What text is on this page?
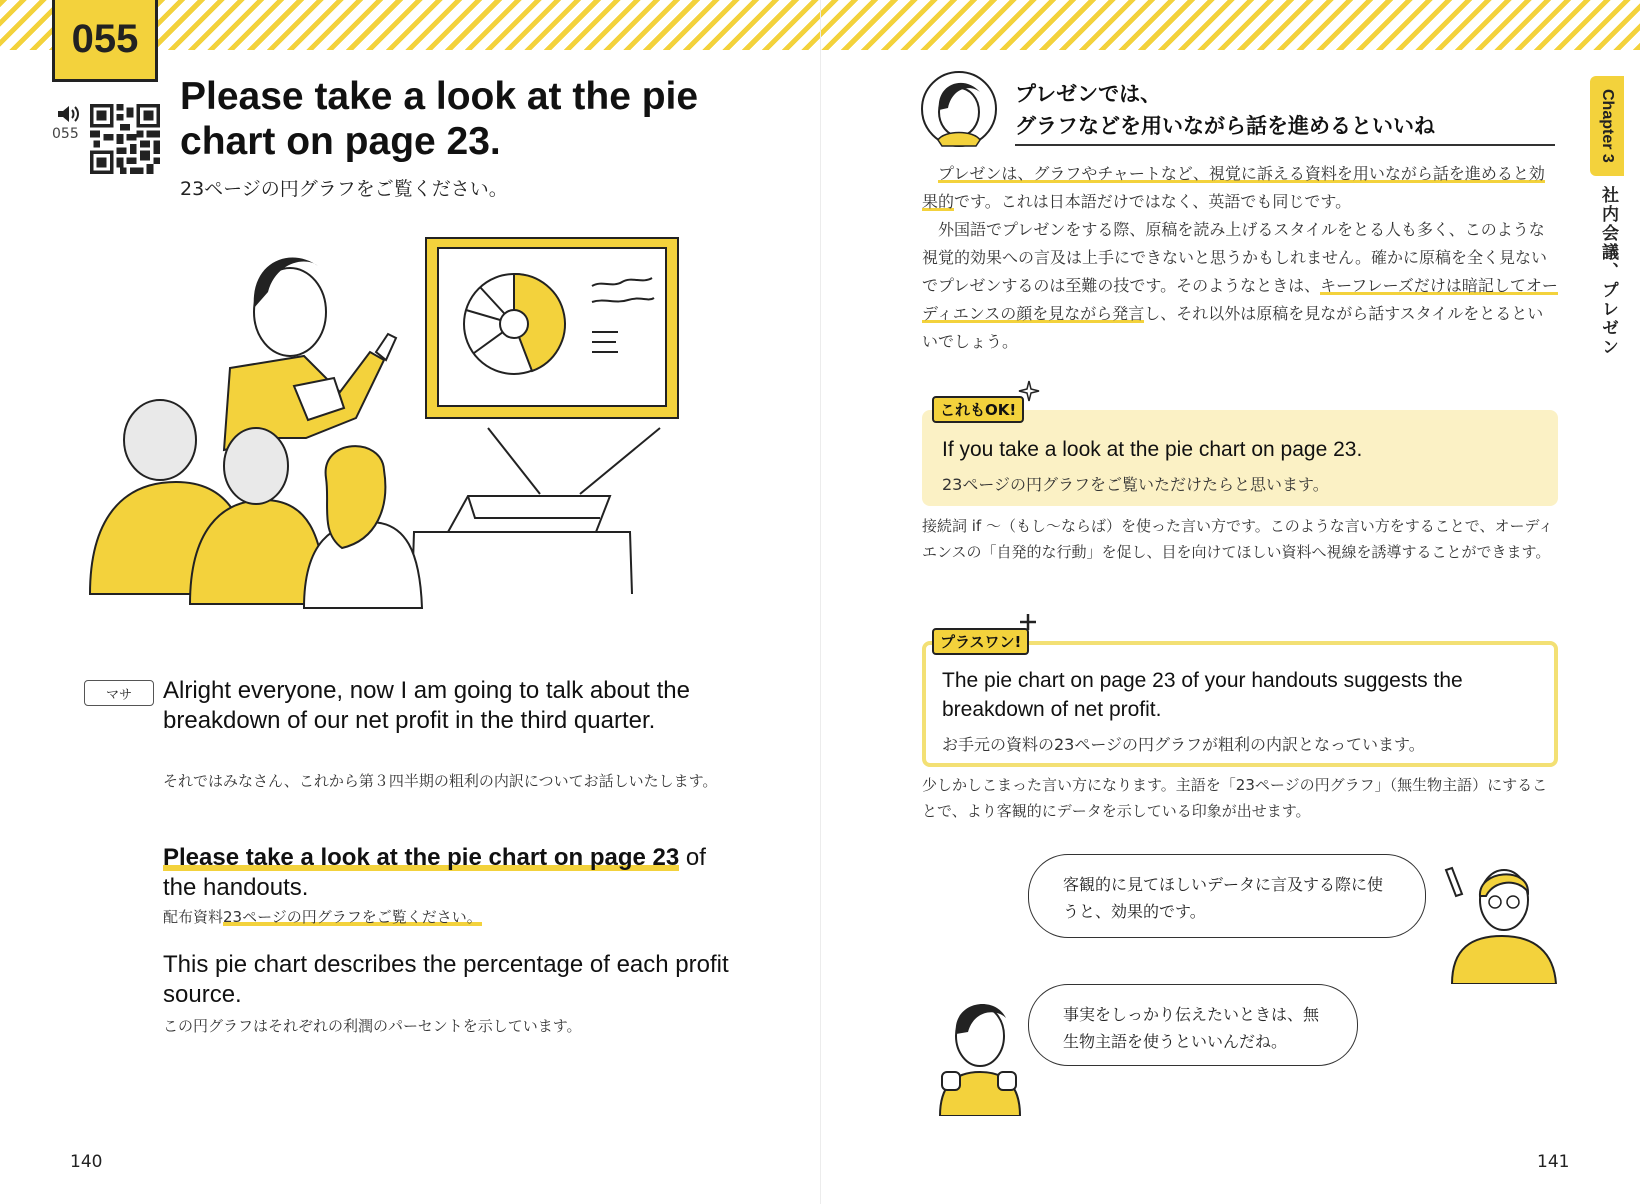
055
055
Please take a look at the pie chart on page 23.
23ページの円グラフをご覧ください。
マサ	Alright everyone, now I am going to talk about the breakdown of our net profit in the third quarter.

それではみなさん、これから第３四半期の粗利の内訳についてお話しいたします。

Please take a look at the pie chart on page 23 of the handouts.

配布資料23ページの円グラフをご覧ください。

This pie chart describes the percentage of each profit source.

この円グラフはそれぞれの利潤のパーセントを示しています。

140

プレゼンでは、
グラフなどを用いながら話を進めるといいね

プレゼンは、グラフやチャートなど、視覚に訴える資料を用いながら話を進めると効果的です。これは日本語だけではなく、英語でも同じです。

外国語でプレゼンをする際、原稿を読み上げるスタイルをとる人も多く、このような視覚的効果への言及は上手にできないと思うかもしれません。確かに原稿を全く見ないでプレゼンするのは至難の技です。そのようなときは、キーフレーズだけは暗記してオーディエンスの顔を見ながら発言し、それ以外は原稿を見ながら話すスタイルをとるといいでしょう。

これもOK!

If you take a look at the pie chart on page 23.

23ページの円グラフをご覧いただけたらと思います。

接続詞 if ～（もし～ならば）を使った言い方です。このような言い方をすることで、オーディエンスの「自発的な行動」を促し、目を向けてほしい資料へ視線を誘導することができます。

プラスワン!

The pie chart on page 23 of your handouts suggests the breakdown of net profit.

お手元の資料の23ページの円グラフが粗利の内訳となっています。

少しかしこまった言い方になります。主語を「23ページの円グラフ」（無生物主語）にすることで、より客観的にデータを示している印象が出せます。

客観的に見てほしいデータに言及する際に使うと、効果的です。
事実をしっかり伝えたいときは、無生物主語を使うといいんだね。
Chapter 3
社内会議、プレゼン
141
